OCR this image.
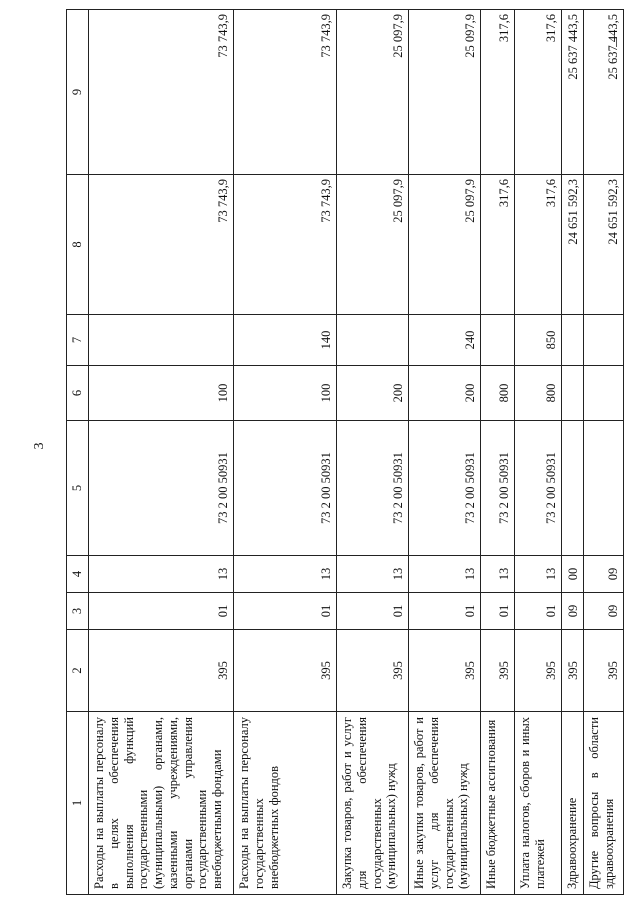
3
1	2	3	4	5	6	7	8	9
Расходы на выплаты персоналу в целях обеспечения выполнения функций государственными (муниципальными) органами, казенными учреждениями, органами управления государственными внебюджетными фондами	395	01	13	73 2 00 50931	100		73 743,9	73 743,9
Расходы на выплаты персоналу государственных внебюджетных фондов	395	01	13	73 2 00 50931	100	140	73 743,9	73 743,9
Закупка товаров, работ и услуг для обеспечения государственных (муниципальных) нужд	395	01	13	73 2 00 50931	200		25 097,9	25 097,9
Иные закупки товаров, работ и услуг для обеспечения государственных (муниципальных) нужд	395	01	13	73 2 00 50931	200	240	25 097,9	25 097,9
Иные бюджетные ассигнования	395	01	13	73 2 00 50931	800		317,6	317,6
Уплата налогов, сборов и иных платежей	395	01	13	73 2 00 50931	800	850	317,6	317,6
Здравоохранение	395	09	00				24 651 592,3	25 637 443,5
Другие вопросы в области здравоохранения	395	09	09				24 651 592,3	25 637 443,5
